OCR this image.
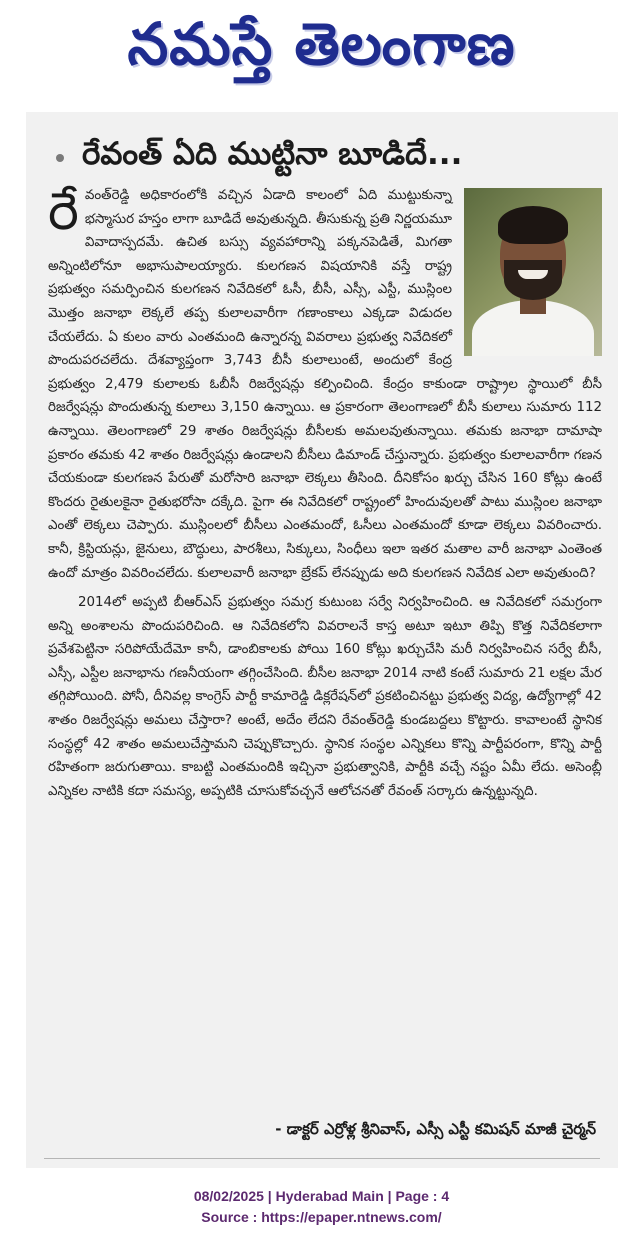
నమస్తే తెలంగాణ
రేవంత్ ఏది ముట్టినా బూడిదే...
రే వంత్‌రెడ్డి అధికారంలోకి వచ్చిన ఏడాది కాలంలో ఏది ముట్టుకున్నా భస్మాసుర హస్తం లాగా బూడిదే అవుతున్నది. తీసుకున్న ప్రతి నిర్ణయమూ వివాదాస్పదమే. ఉచిత బస్సు వ్యవహారాన్ని పక్కనపెడితే, మిగతా అన్నింటిలోనూ అభాసుపాలయ్యారు. కులగణన విషయానికి వస్తే రాష్ట్ర ప్రభుత్వం సమర్పించిన కులగణన నివేదికలో ఓసీ, బీసీ, ఎస్సీ, ఎస్టీ, ముస్లింల మొత్తం జనాభా లెక్కలే తప్ప కులాలవారీగా గణాంకాలు ఎక్కడా విడుదల చేయలేదు. ఏ కులం వారు ఎంతమంది ఉన్నారన్న వివరాలు ప్రభుత్వ నివేదికలో పొందుపరచలేదు. దేశవ్యాప్తంగా 3,743 బీసీ కులాలుంటే, అందులో కేంద్ర ప్రభుత్వం 2,479 కులాలకు ఓబీసీ రిజర్వేషన్లు కల్పించింది. కేంద్రం కాకుండా రాష్ట్రాల స్థాయిలో బీసీ రిజర్వేషన్లు పొందుతున్న కులాలు 3,150 ఉన్నాయి. ఆ ప్రకారంగా తెలంగాణలో బీసీ కులాలు సుమారు 112 ఉన్నాయి. తెలంగాణలో 29 శాతం రిజర్వేషన్లు బీసీలకు అమలవుతున్నాయి. తమకు జనాభా దామాషా ప్రకారం తమకు 42 శాతం రిజర్వేషన్లు ఉండాలని బీసీలు డిమాండ్ చేస్తున్నారు. ప్రభుత్వం కులాలవారీగా గణన చేయకుండా కులగణన పేరుతో మరోసారి జనాభా లెక్కలు తీసింది. దీనికోసం ఖర్చు చేసిన 160 కోట్లు ఉంటే కొందరు రైతులకైనా రైతుభరోసా దక్కేది. పైగా ఈ నివేదికలో రాష్ట్రంలో హిందువులతో పాటు ముస్లింల జనాభా ఎంతో లెక్కలు చెప్పారు. ముస్లింలలో బీసీలు ఎంతమందో, ఓసీలు ఎంతమందో కూడా లెక్కలు వివరించారు. కానీ, క్రిస్టియన్లు, జైనులు, బౌద్ధులు, పారశీలు, సిక్కులు, సింధీలు ఇలా ఇతర మతాల వారీ జనాభా ఎంతెంత ఉందో మాత్రం వివరించలేదు. కులాలవారీ జనాభా బ్రేకప్ లేనప్పుడు అది కులగణన నివేదిక ఎలా అవుతుంది?

2014లో అప్పటి బీఆర్‌ఎస్ ప్రభుత్వం సమగ్ర కుటుంబ సర్వే నిర్వహించింది. ఆ నివేదికలో సమగ్రంగా అన్ని అంశాలను పొందుపరిచింది. ఆ నివేదికలోని వివరాలనే కాస్త అటూ ఇటూ తిప్పి కొత్త నివేదికలాగా ప్రవేశపెట్టినా సరిపోయేదేమో కానీ, డాంబికాలకు పోయి 160 కోట్లు ఖర్చుచేసి మరీ నిర్వహించిన సర్వే బీసీ, ఎస్సీ, ఎస్టీల జనాభాను గణనీయంగా తగ్గించేసింది. బీసీల జనాభా 2014 నాటి కంటే సుమారు 21 లక్షల మేర తగ్గిపోయింది. పోనీ, దీనివల్ల కాంగ్రెస్ పార్టీ కామారెడ్డి డిక్లరేషన్‌లో ప్రకటించినట్టు ప్రభుత్వ విద్య, ఉద్యోగాల్లో 42 శాతం రిజర్వేషన్లు అమలు చేస్తారా? అంటే, అదేం లేదని రేవంత్‌రెడ్డి కుండబద్దలు కొట్టారు. కావాలంటే స్థానిక సంస్థల్లో 42 శాతం అమలుచేస్తామని చెప్పుకొచ్చారు. స్థానిక సంస్థల ఎన్నికలు కొన్ని పార్టీపరంగా, కొన్ని పార్టీ రహితంగా జరుగుతాయి. కాబట్టి ఎంతమందికి ఇచ్చినా ప్రభుత్వానికి, పార్టీకి వచ్చే నష్టం ఏమీ లేదు. అసెంబ్లీ ఎన్నికల నాటికి కదా సమస్య, అప్పటికి చూసుకోవచ్చనే ఆలోచనతో రేవంత్ సర్కారు ఉన్నట్టున్నది.

- డాక్టర్ ఎర్రోళ్ల శ్రీనివాస్, ఎస్సీ ఎస్టీ కమిషన్ మాజీ చైర్మన్
08/02/2025 | Hyderabad Main | Page : 4
Source : https://epaper.ntnews.com/
